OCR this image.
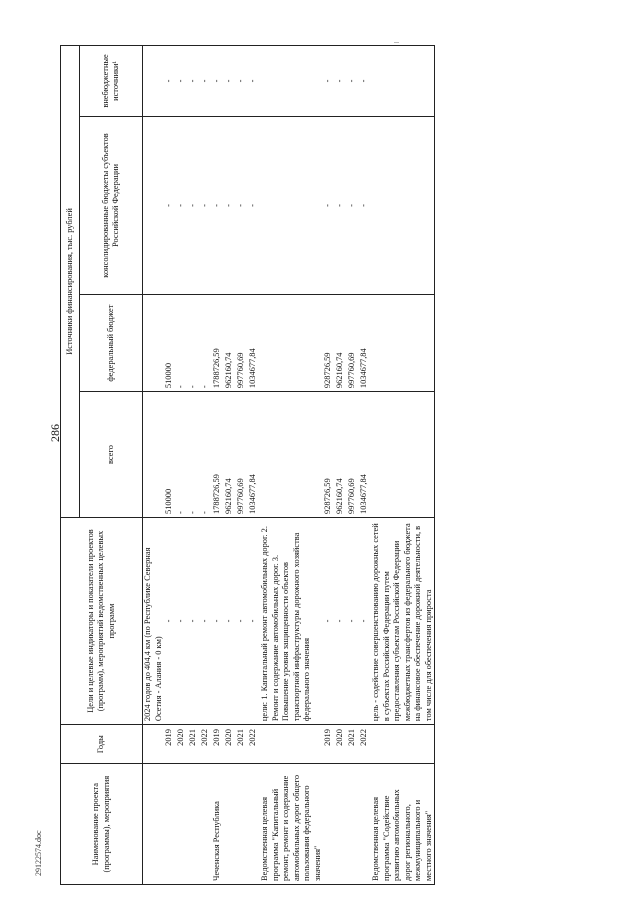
286
Наименование проекта (программы), мероприятия	Годы	Цели и целевые индикаторы и показатели проектов (программ), мероприятий ведомственных целевых программ	Источники финансирования, тыс. рублей			
			всего	федеральный бюджет	консолидированные бюджеты субъектов Российской Федерации	внебюджетные источники¹
		2024 годов до 404,4 км (по Республике Северная Осетия - Алания - 0 км)				
	2019	-	510000	510000	-	-
	2020	-	-	-	-	-
	2021	-	-	-	-	-
	2022	-	-	-	-	-
Чеченская Республика	2019	-	1788726,59	1788726,59	-	-
	2020	-	962160,74	962160,74	-	-
	2021	-	997760,69	997760,69	-	-
	2022	-	1034677,84	1034677,84	-	-
Ведомственная целевая программа "Капитальный ремонт, ремонт и содержание автомобильных дорог общего пользования федерального значения"		цели: 1. Капитальный ремонт автомобильных дорог. 2. Ремонт и содержание автомобильных дорог. 3. Повышение уровня защищенности объектов транспортной инфраструктуры дорожного хозяйства федерального значения				
	2019	-	928726,59	928726,59	-	-
	2020	-	962160,74	962160,74	-	-
	2021	-	997760,69	997760,69	-	-
	2022	-	1034677,84	1034677,84	-	-
Ведомственная целевая программа "Содействие развитию автомобильных дорог регионального, межмуниципального и местного значения"		цель - содействие совершенствованию дорожных сетей в субъектах Российской Федерации путем предоставления субъектам Российской Федерации межбюджетных трансфертов из федерального бюджета на финансовое обеспечение дорожной деятельности, в том числе для обеспечения прироста				
29122574.doc
